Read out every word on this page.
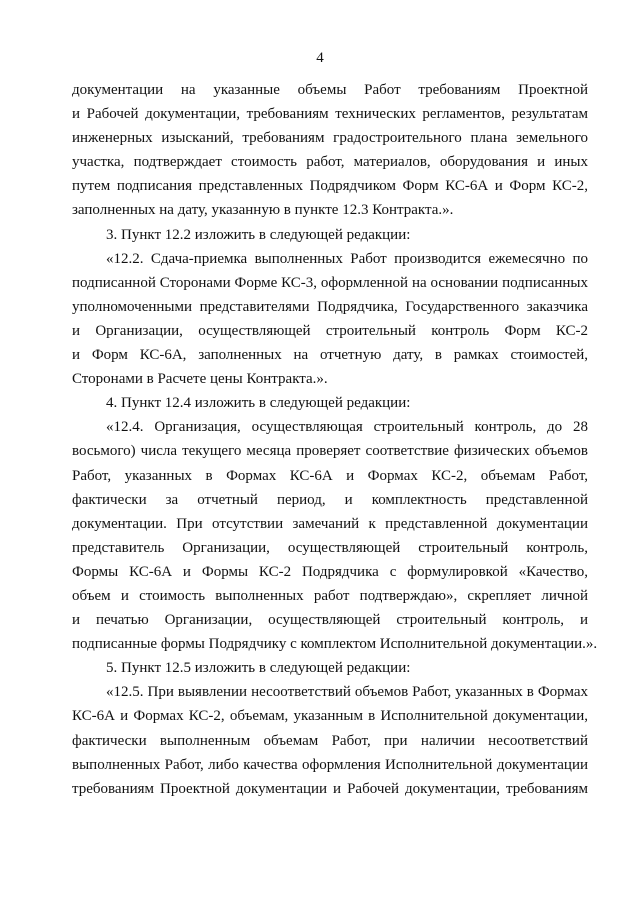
4
документации на указанные объемы Работ требованиям Проектной
и Рабочей документации, требованиям технических регламентов, результатам
инженерных изысканий, требованиям градостроительного плана земельного
участка, подтверждает стоимость работ, материалов, оборудования и иных
путем подписания представленных Подрядчиком Форм КС-6А и Форм КС-2,
заполненных на дату, указанную в пункте 12.3 Контракта.».
3. Пункт 12.2 изложить в следующей редакции:
«12.2. Сдача-приемка выполненных Работ производится ежемесячно по
подписанной Сторонами Форме КС-3, оформленной на основании подписанных
уполномоченными представителями Подрядчика, Государственного заказчика
и Организации, осуществляющей строительный контроль Форм КС-2
и Форм КС-6А, заполненных на отчетную дату, в рамках стоимостей,
Сторонами в Расчете цены Контракта.».
4. Пункт 12.4 изложить в следующей редакции:
«12.4. Организация, осуществляющая строительный контроль, до 28
восьмого) числа текущего месяца проверяет соответствие физических объемов
Работ, указанных в Формах КС-6А и Формах КС-2, объемам Работ,
фактически за отчетный период, и комплектность представленной
документации. При отсутствии замечаний к представленной документации
представитель Организации, осуществляющей строительный контроль,
Формы КС-6А и Формы КС-2 Подрядчика с формулировкой «Качество,
объем и стоимость выполненных работ подтверждаю», скрепляет личной
и печатью Организации, осуществляющей строительный контроль, и
подписанные формы Подрядчику с комплектом Исполнительной документации.».
5. Пункт 12.5 изложить в следующей редакции:
«12.5. При выявлении несоответствий объемов Работ, указанных в Формах
КС-6А и Формах КС-2, объемам, указанным в Исполнительной документации,
фактически выполненным объемам Работ, при наличии несоответствий
выполненных Работ, либо качества оформления Исполнительной документации
требованиям Проектной документации и Рабочей документации, требованиям
